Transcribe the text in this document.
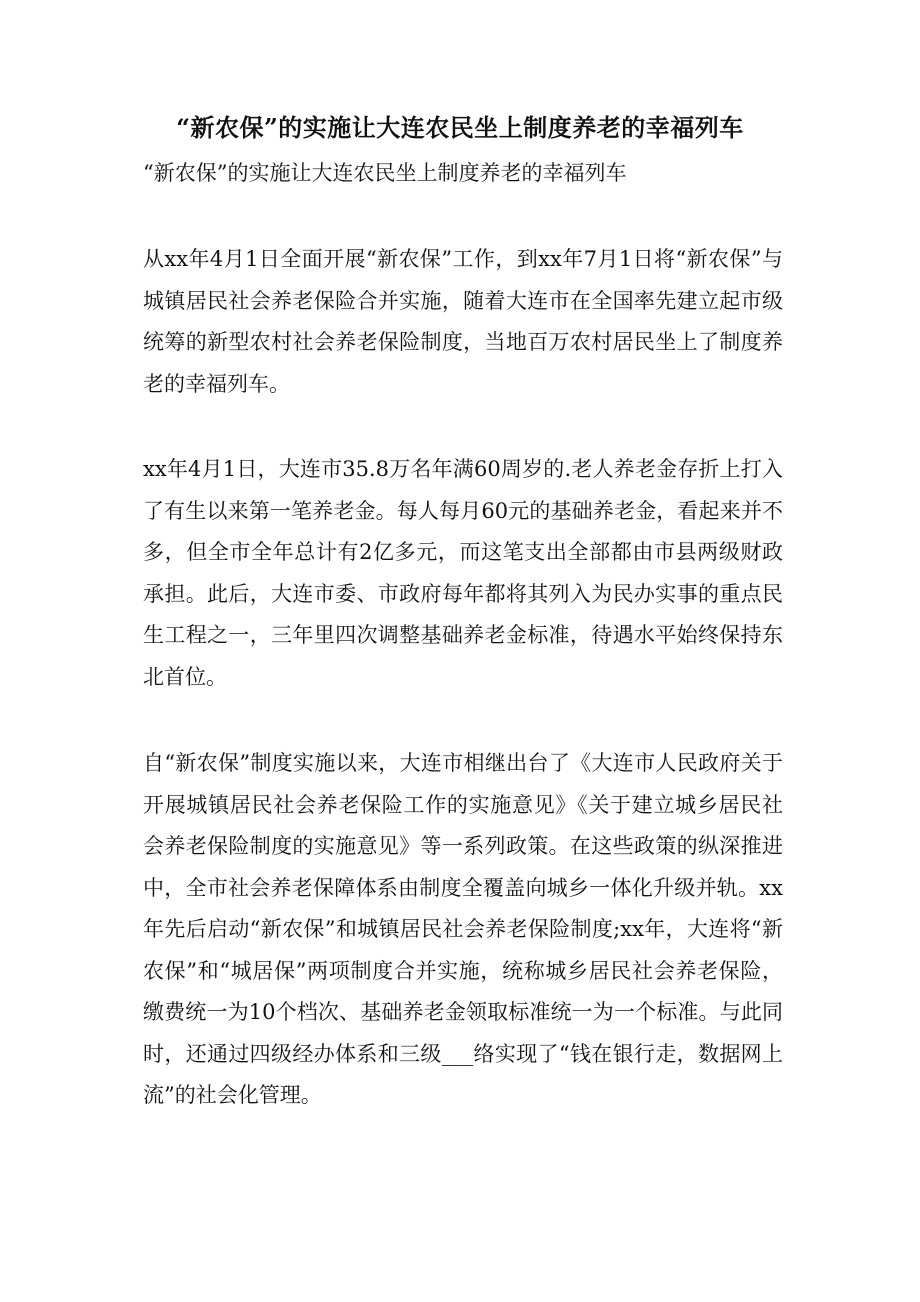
“新农保”的实施让大连农民坐上制度养老的幸福列车
“新农保”的实施让大连农民坐上制度养老的幸福列车

从xx年4月1日全面开展“新农保”工作，到xx年7月1日将“新农保”与城镇居民社会养老保险合并实施，随着大连市在全国率先建立起市级统筹的新型农村社会养老保险制度，当地百万农村居民坐上了制度养老的幸福列车。

xx年4月1日，大连市35.8万名年满60周岁的.老人养老金存折上打入了有生以来第一笔养老金。每人每月60元的基础养老金，看起来并不多，但全市全年总计有2亿多元，而这笔支出全部都由市县两级财政承担。此后，大连市委、市政府每年都将其列入为民办实事的重点民生工程之一，三年里四次调整基础养老金标准，待遇水平始终保持东北首位。

自“新农保”制度实施以来，大连市相继出台了《大连市人民政府关于开展城镇居民社会养老保险工作的实施意见》《关于建立城乡居民社会养老保险制度的实施意见》等一系列政策。在这些政策的纵深推进中，全市社会养老保障体系由制度全覆盖向城乡一体化升级并轨。xx年先后启动“新农保”和城镇居民社会养老保险制度;xx年，大连将“新农保”和“城居保”两项制度合并实施，统称城乡居民社会养老保险，缴费统一为10个档次、基础养老金领取标准统一为一个标准。与此同时，还通过四级经办体系和三级___络实现了“钱在银行走，数据网上流”的社会化管理。
